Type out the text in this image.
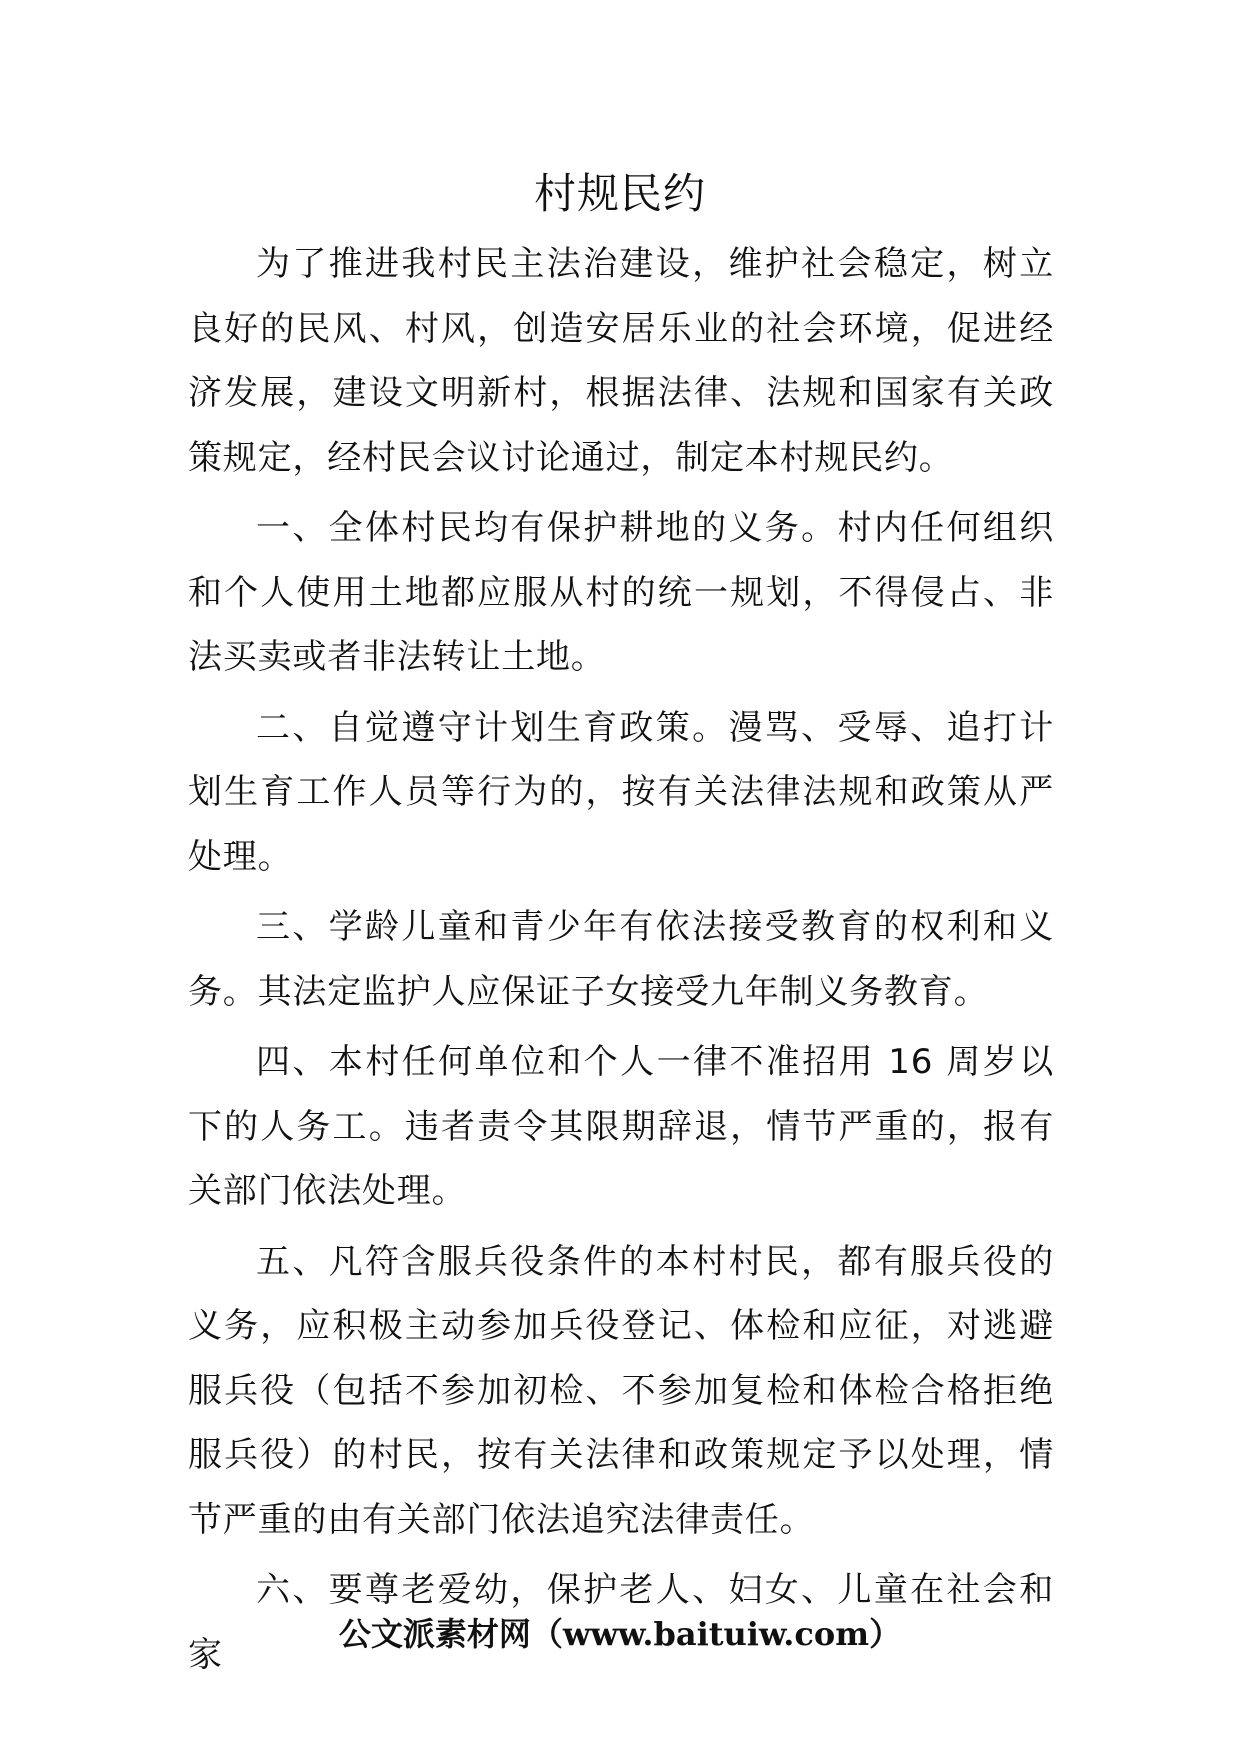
村规民约

为了推进我村民主法治建设，维护社会稳定，树立良好的民风、村风，创造安居乐业的社会环境，促进经济发展，建设文明新村，根据法律、法规和国家有关政策规定，经村民会议讨论通过，制定本村规民约。

一、全体村民均有保护耕地的义务。村内任何组织和个人使用土地都应服从村的统一规划，不得侵占、非法买卖或者非法转让土地。

二、自觉遵守计划生育政策。漫骂、受辱、追打计划生育工作人员等行为的，按有关法律法规和政策从严处理。

三、学龄儿童和青少年有依法接受教育的权利和义务。其法定监护人应保证子女接受九年制义务教育。

四、本村任何单位和个人一律不准招用 16 周岁以下的人务工。违者责令其限期辞退，情节严重的，报有关部门依法处理。

五、凡符含服兵役条件的本村村民，都有服兵役的义务，应积极主动参加兵役登记、体检和应征，对逃避服兵役（包括不参加初检、不参加复检和体检合格拒绝服兵役）的村民，按有关法律和政策规定予以处理，情节严重的由有关部门依法追究法律责任。

六、要尊老爱幼，保护老人、妇女、儿童在社会和家

公文派素材网（www.baituiw.com）
